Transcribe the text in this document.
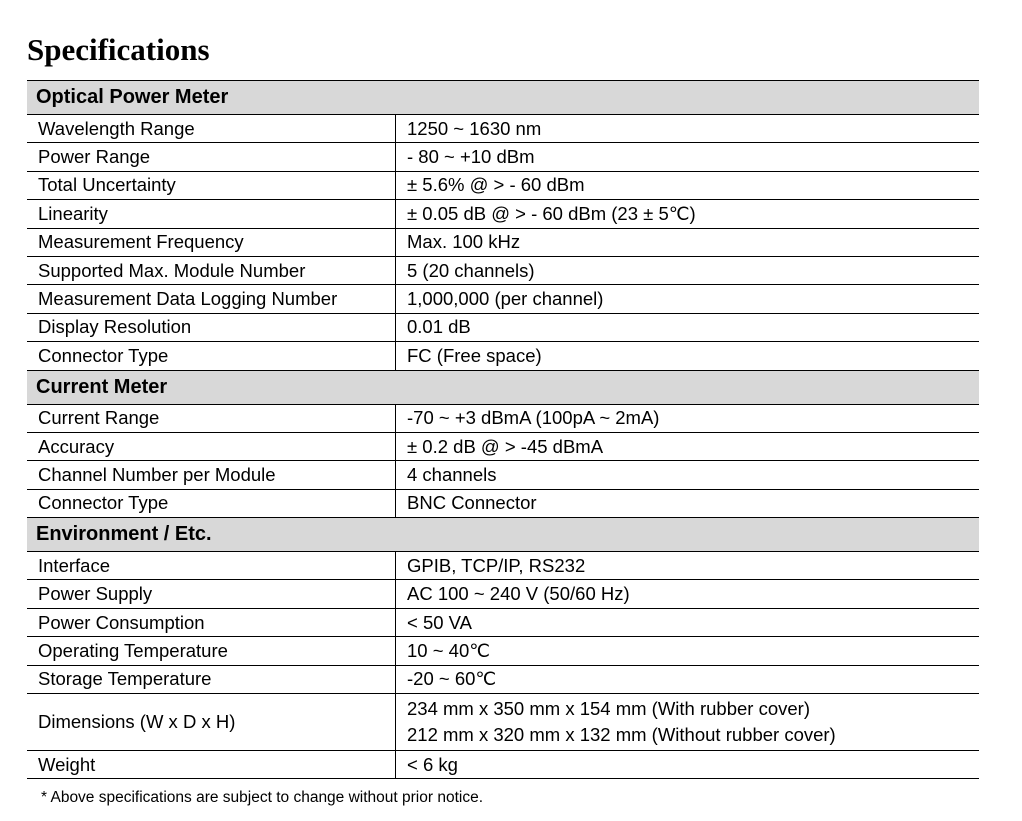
Specifications
Optical Power Meter	
Wavelength Range	1250 ~ 1630 nm
Power Range	- 80 ~ +10 dBm
Total Uncertainty	± 5.6% @ > - 60 dBm
Linearity	± 0.05 dB @ > - 60 dBm (23 ± 5℃)
Measurement Frequency	Max. 100 kHz
Supported Max. Module Number	5 (20 channels)
Measurement Data Logging Number	1,000,000 (per channel)
Display Resolution	0.01 dB
Connector Type	FC (Free space)
Current Meter	
Current Range	-70 ~ +3 dBmA (100pA ~ 2mA)
Accuracy	± 0.2 dB @ > -45 dBmA
Channel Number per Module	4 channels
Connector Type	BNC Connector
Environment / Etc.	
Interface	GPIB, TCP/IP, RS232
Power Supply	AC 100 ~ 240 V (50/60 Hz)
Power Consumption	< 50 VA
Operating Temperature	10 ~ 40℃
Storage Temperature	-20 ~ 60℃
Dimensions (W x D x H)	234 mm x 350 mm x 154 mm (With rubber cover)
212 mm x 320 mm x 132 mm (Without rubber cover)

Weight	< 6 kg
* Above specifications are subject to change without prior notice.
